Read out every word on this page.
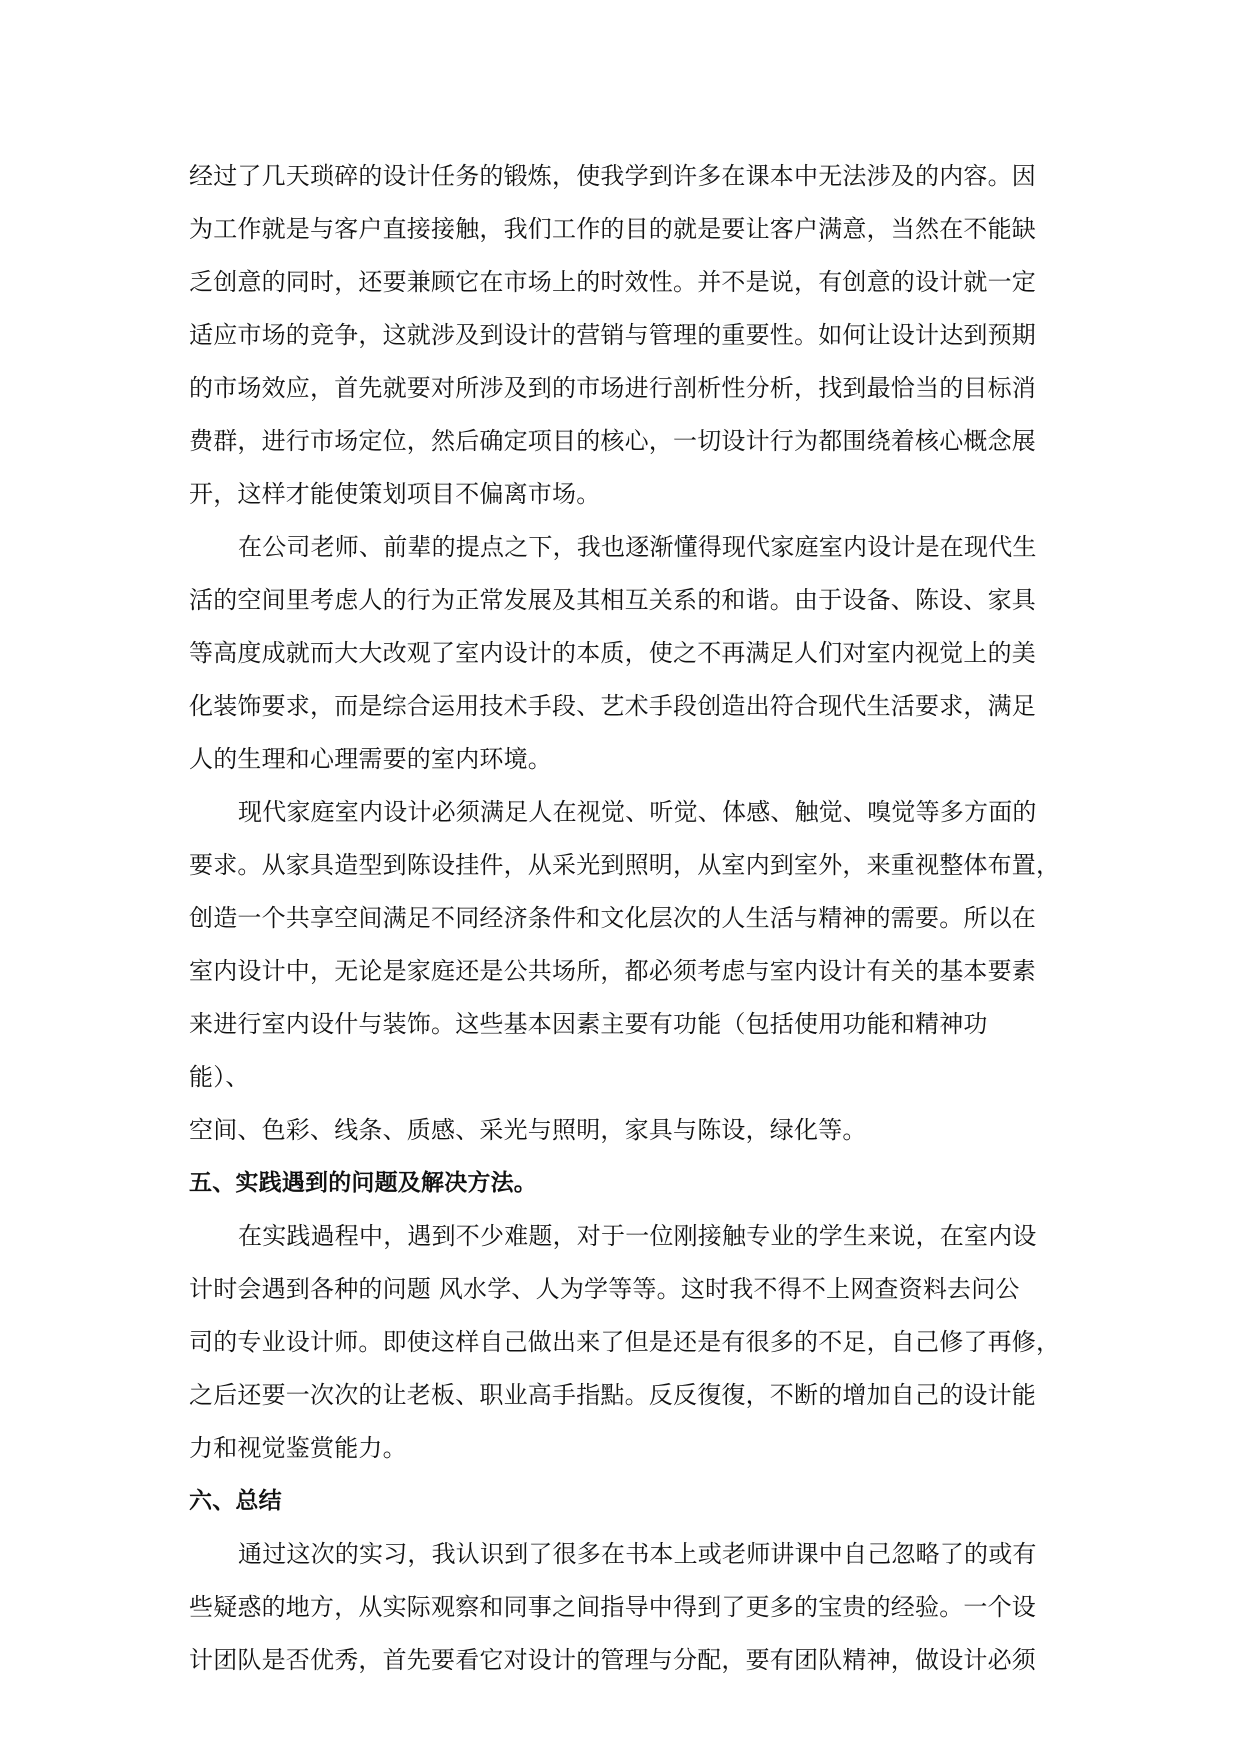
经过了几天琐碎的设计任务的锻炼，使我学到许多在课本中无法涉及的内容。因
为工作就是与客户直接接触，我们工作的目的就是要让客户满意，当然在不能缺
乏创意的同时，还要兼顾它在市场上的时效性。并不是说，有创意的设计就一定
适应市场的竞争，这就涉及到设计的营销与管理的重要性。如何让设计达到预期
的市场效应，首先就要对所涉及到的市场进行剖析性分析，找到最恰当的目标消
费群，进行市场定位，然后确定项目的核心，一切设计行为都围绕着核心概念展
开，这样才能使策划项目不偏离市场。
在公司老师、前辈的提点之下，我也逐渐懂得现代家庭室内设计是在现代生
活的空间里考虑人的行为正常发展及其相互关系的和谐。由于设备、陈设、家具
等高度成就而大大改观了室内设计的本质，使之不再满足人们对室内视觉上的美
化装饰要求，而是综合运用技术手段、艺术手段创造出符合现代生活要求，满足
人的生理和心理需要的室内环境。
现代家庭室内设计必须满足人在视觉、听觉、体感、触觉、嗅觉等多方面的
要求。从家具造型到陈设挂件，从采光到照明，从室内到室外，来重视整体布置，
创造一个共享空间满足不同经济条件和文化层次的人生活与精神的需要。所以在
室内设计中，无论是家庭还是公共场所，都必须考虑与室内设计有关的基本要素
来进行室内设什与装饰。这些基本因素主要有功能（包括使用功能和精神功
能）、
空间、色彩、线条、质感、采光与照明，家具与陈设，绿化等。
五、实践遇到的问题及解决方法。
在实践過程中，遇到不少难题，对于一位刚接触专业的学生来说，在室内设
计时会遇到各种的问题 风水学、人为学等等。这时我不得不上网查资料去问公
司的专业设计师。即使这样自己做出来了但是还是有很多的不足，自己修了再修，
之后还要一次次的让老板、职业高手指點。反反復復，不断的增加自己的设计能
力和视觉鉴赏能力。
六、总结
通过这次的实习，我认识到了很多在书本上或老师讲课中自己忽略了的或有
些疑惑的地方，从实际观察和同事之间指导中得到了更多的宝贵的经验。一个设
计团队是否优秀，首先要看它对设计的管理与分配，要有团队精神，做设计必须
